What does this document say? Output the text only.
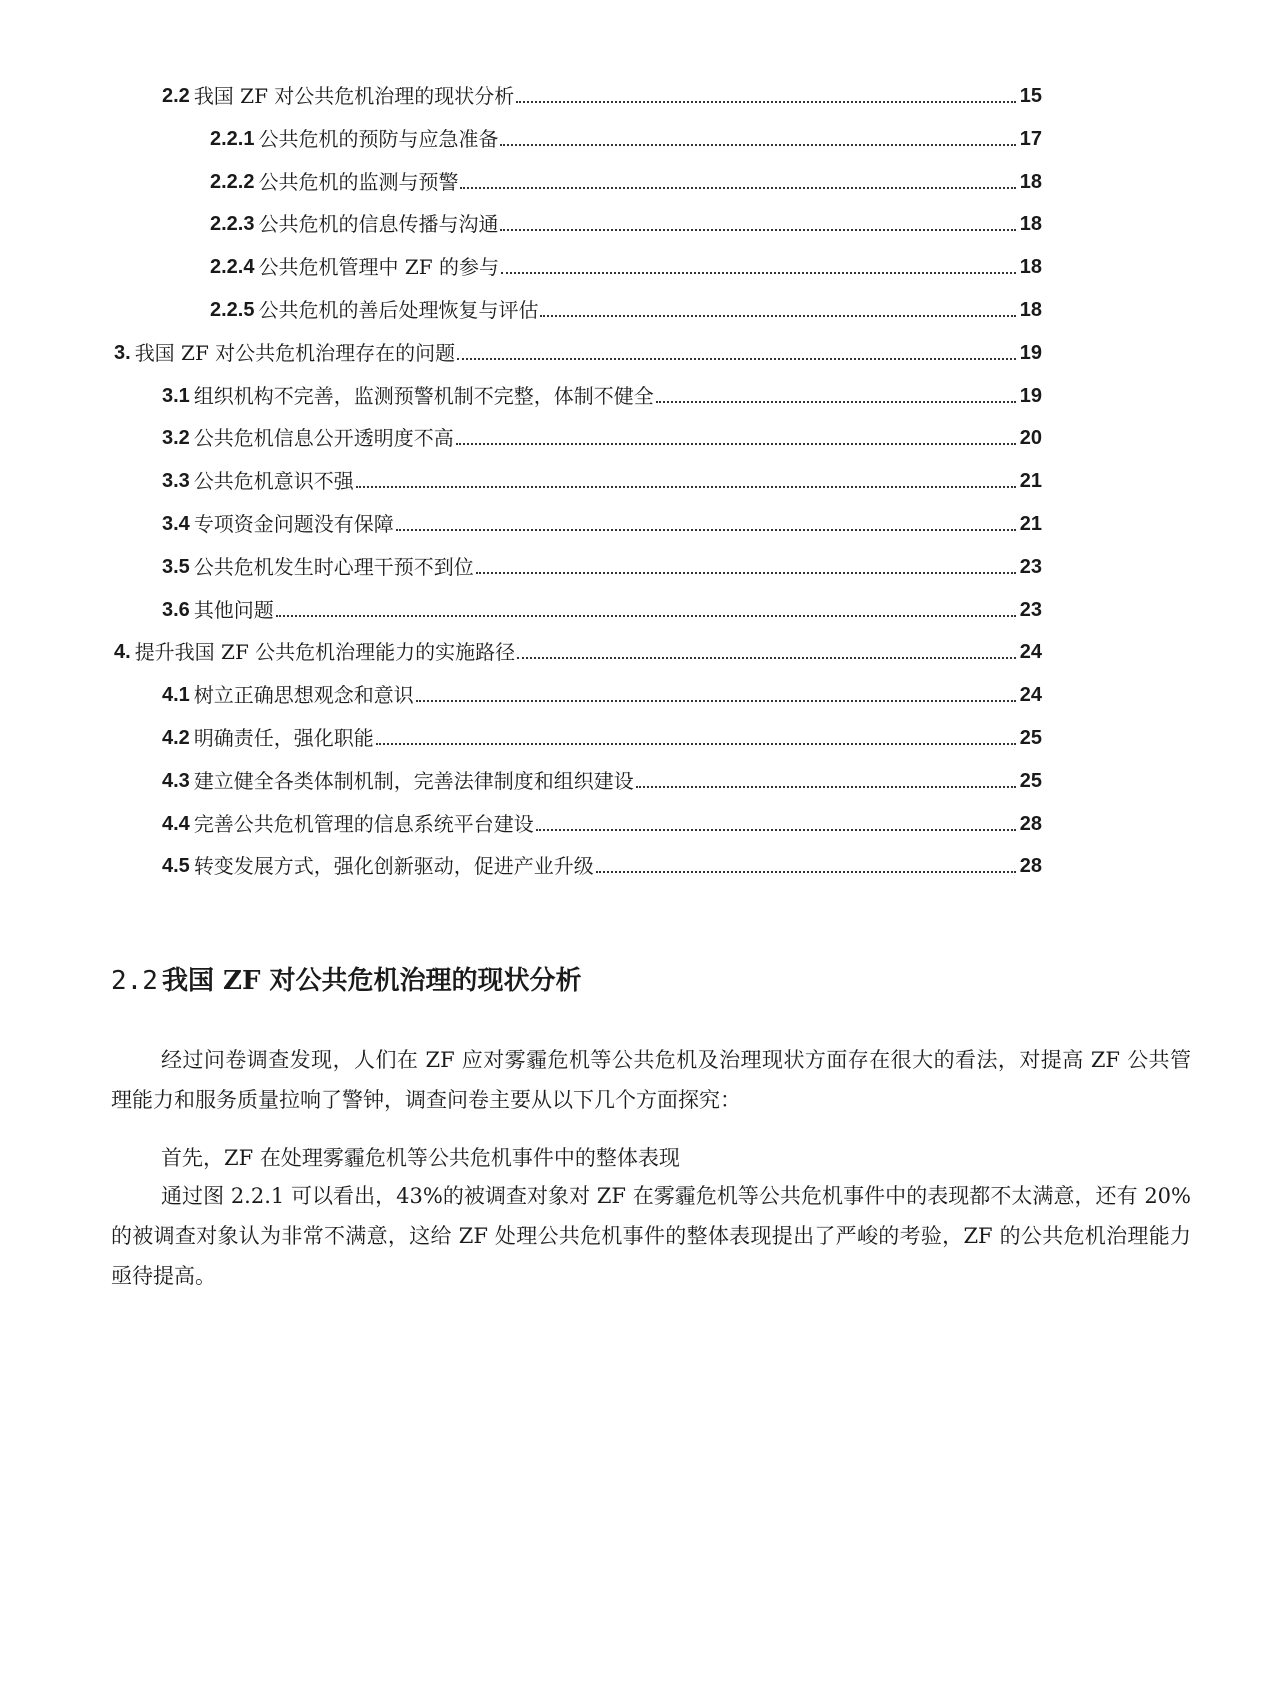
2.2 我国 ZF 对公共危机治理的现状分析	15
2.2.1 公共危机的预防与应急准备	17
2.2.2 公共危机的监测与预警	18
2.2.3 公共危机的信息传播与沟通	18
2.2.4 公共危机管理中 ZF 的参与	18
2.2.5 公共危机的善后处理恢复与评估	18
3. 我国 ZF 对公共危机治理存在的问题	19
3.1 组织机构不完善，监测预警机制不完整，体制不健全	19
3.2 公共危机信息公开透明度不高	20
3.3 公共危机意识不强	21
3.4 专项资金问题没有保障	21
3.5 公共危机发生时心理干预不到位	23
3.6 其他问题	23
4. 提升我国 ZF 公共危机治理能力的实施路径	24
4.1 树立正确思想观念和意识	24
4.2 明确责任，强化职能	25
4.3 建立健全各类体制机制，完善法律制度和组织建设	25
4.4 完善公共危机管理的信息系统平台建设	28
4.5 转变发展方式，强化创新驱动，促进产业升级	28
2.2 我国 ZF 对公共危机治理的现状分析
经过问卷调查发现，人们在 ZF 应对雾霾危机等公共危机及治理现状方面存在很大的看法，对提高 ZF 公共管理能力和服务质量拉响了警钟，调查问卷主要从以下几个方面探究：
首先，ZF 在处理雾霾危机等公共危机事件中的整体表现
通过图 2.2.1 可以看出，43%的被调查对象对 ZF 在雾霾危机等公共危机事件中的表现都不太满意，还有 20%的被调查对象认为非常不满意，这给 ZF 处理公共危机事件的整体表现提出了严峻的考验，ZF 的公共危机治理能力亟待提高。
